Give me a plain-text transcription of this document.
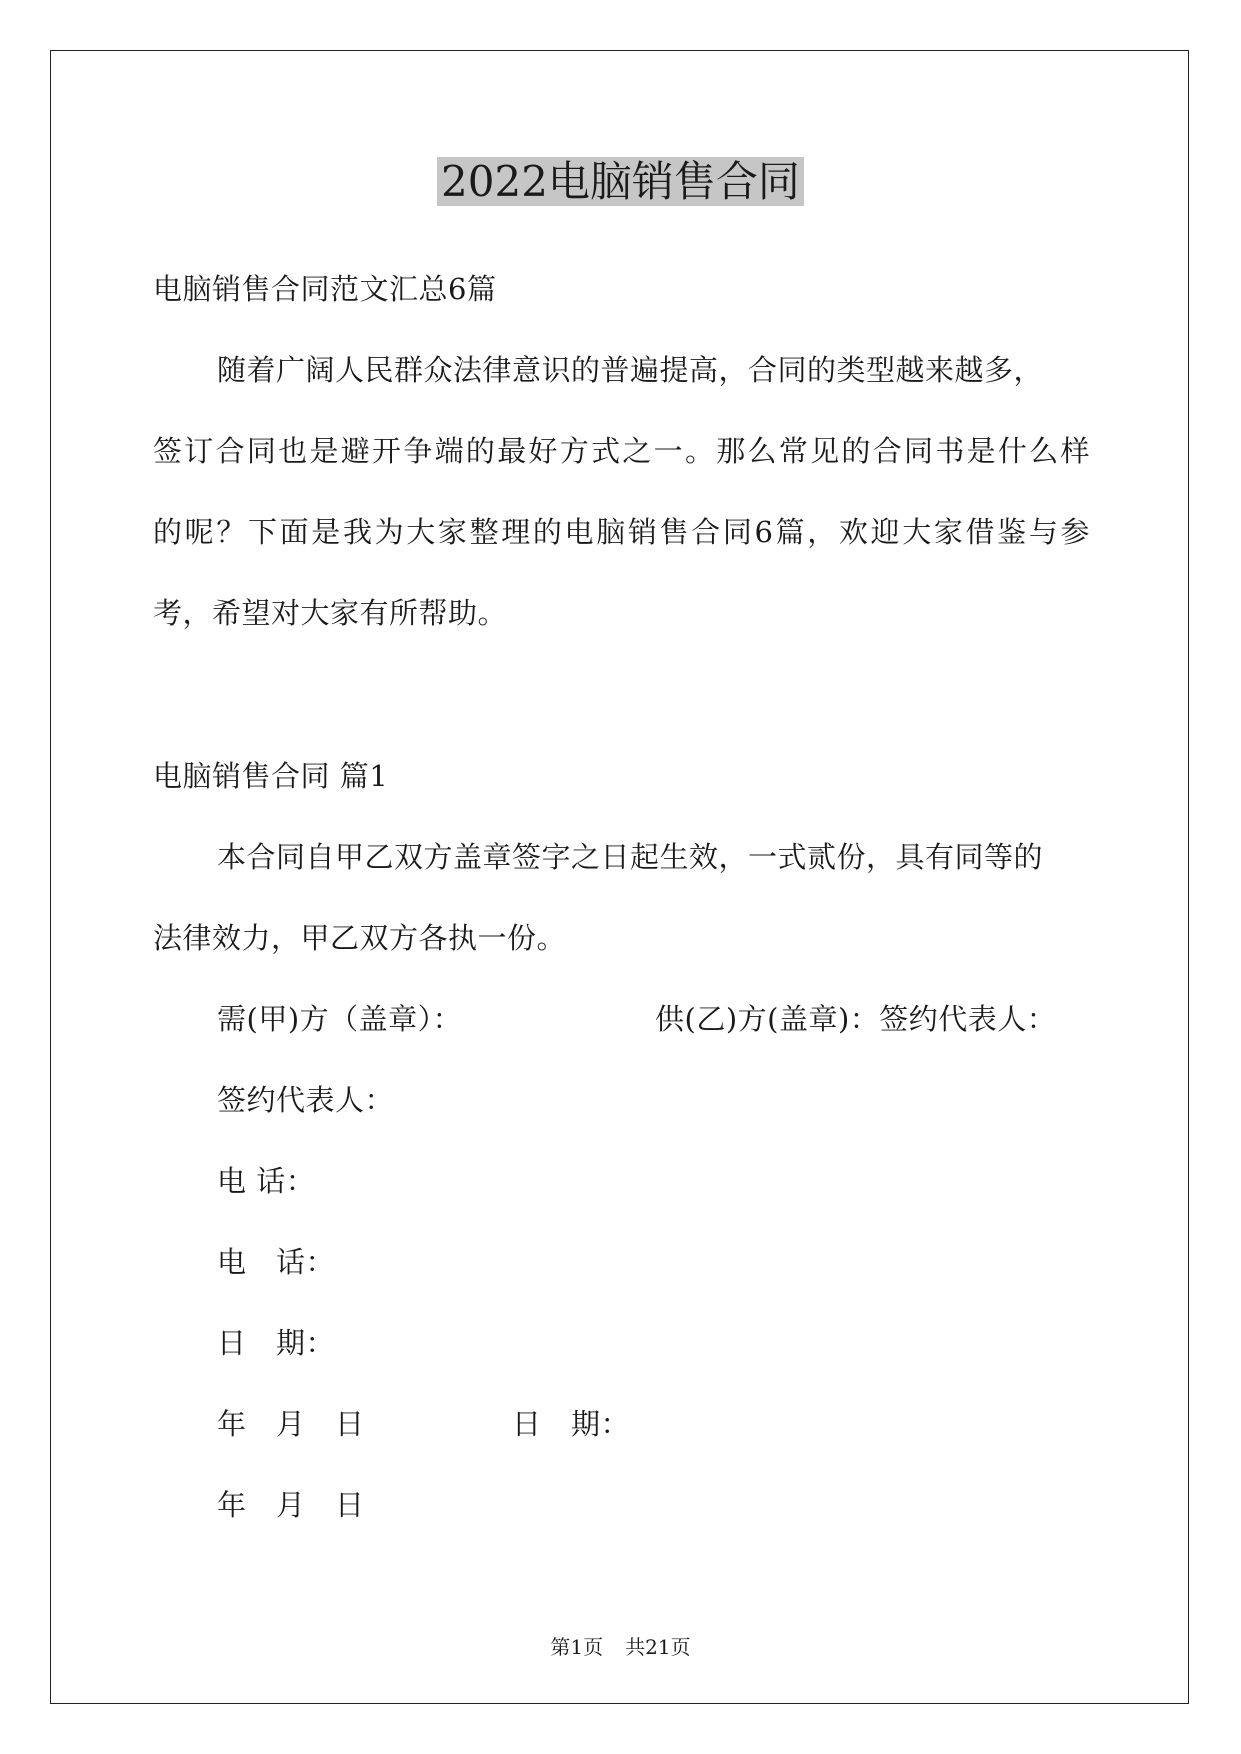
2022电脑销售合同
电脑销售合同范文汇总6篇
随着广阔人民群众法律意识的普遍提高，合同的类型越来越多，
签订合同也是避开争端的最好方式之一。那么常见的合同书是什么样
的呢？下面是我为大家整理的电脑销售合同6篇，欢迎大家借鉴与参
考，希望对大家有所帮助。
电脑销售合同 篇1
本合同自甲乙双方盖章签字之日起生效，一式贰份，具有同等的
法律效力，甲乙双方各执一份。
需(甲)方（盖章）：	供(乙)方(盖章)：签约代表人：
签约代表人：
电 话：
电　话：
日　期：
年　月　日	日　期：
年　月　日
第1页 共21页
